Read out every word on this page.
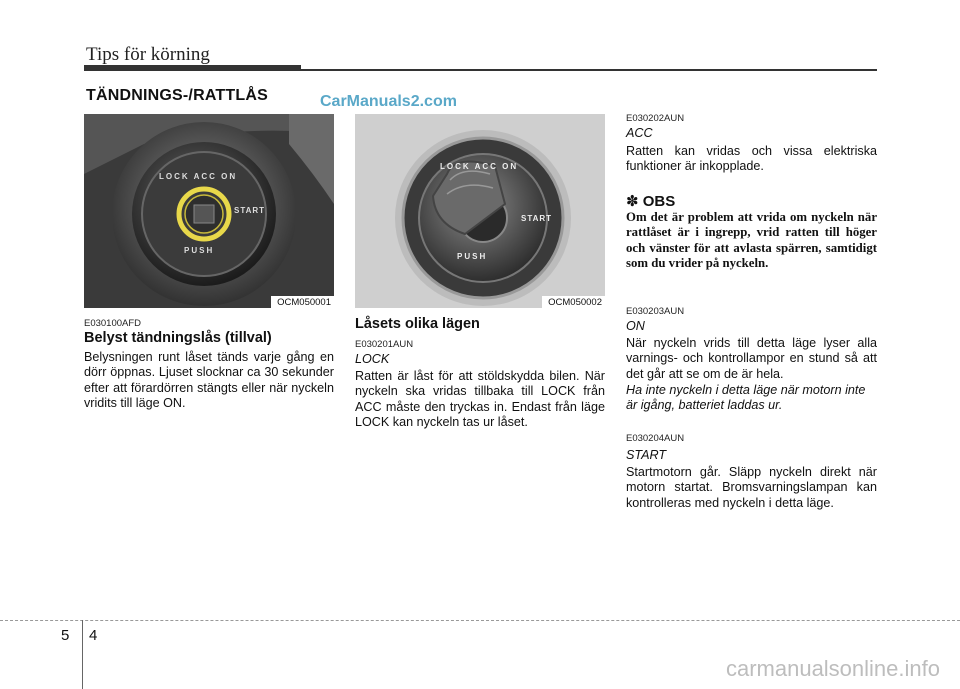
Tips för körning
TÄNDNINGS-/RATTLÅS	CarManuals2.com
LOCK ACC ON
START
PUSH
OCM050001
LOCK ACC ON
START
PUSH
OCM050002
E030100AFD
Belyst tändningslås (tillval)
Belysningen runt låset tänds varje gång en dörr öppnas. Ljuset slocknar ca 30 sekunder efter att förardörren stängts eller när nyckeln vridits till läge ON.
Låsets olika lägen
E030201AUN
LOCK
Ratten är låst för att stöldskydda bilen. När nyckeln ska vridas tillbaka till LOCK från ACC måste den tryckas in. Endast från läge LOCK kan nyckeln tas ur låset.
E030202AUN
ACC
Ratten kan vridas och vissa elektriska funktioner är inkopplade.
✽ OBS
Om det är problem att vrida om nyckeln när rattlåset är i ingrepp, vrid ratten till höger och vänster för att avlasta spärren, samtidigt som du vrider på nyckeln.
E030203AUN
ON
När nyckeln vrids till detta läge lyser alla varnings- och kontrollampor en stund så att det går att se om de är hela.
Ha inte nyckeln i detta läge när motorn inte är igång, batteriet laddas ur.
E030204AUN
START
Startmotorn går. Släpp nyckeln direkt när motorn startat. Bromsvarningslampan kan kontrolleras med nyckeln i detta läge.
5 4
carmanualsonline.info
